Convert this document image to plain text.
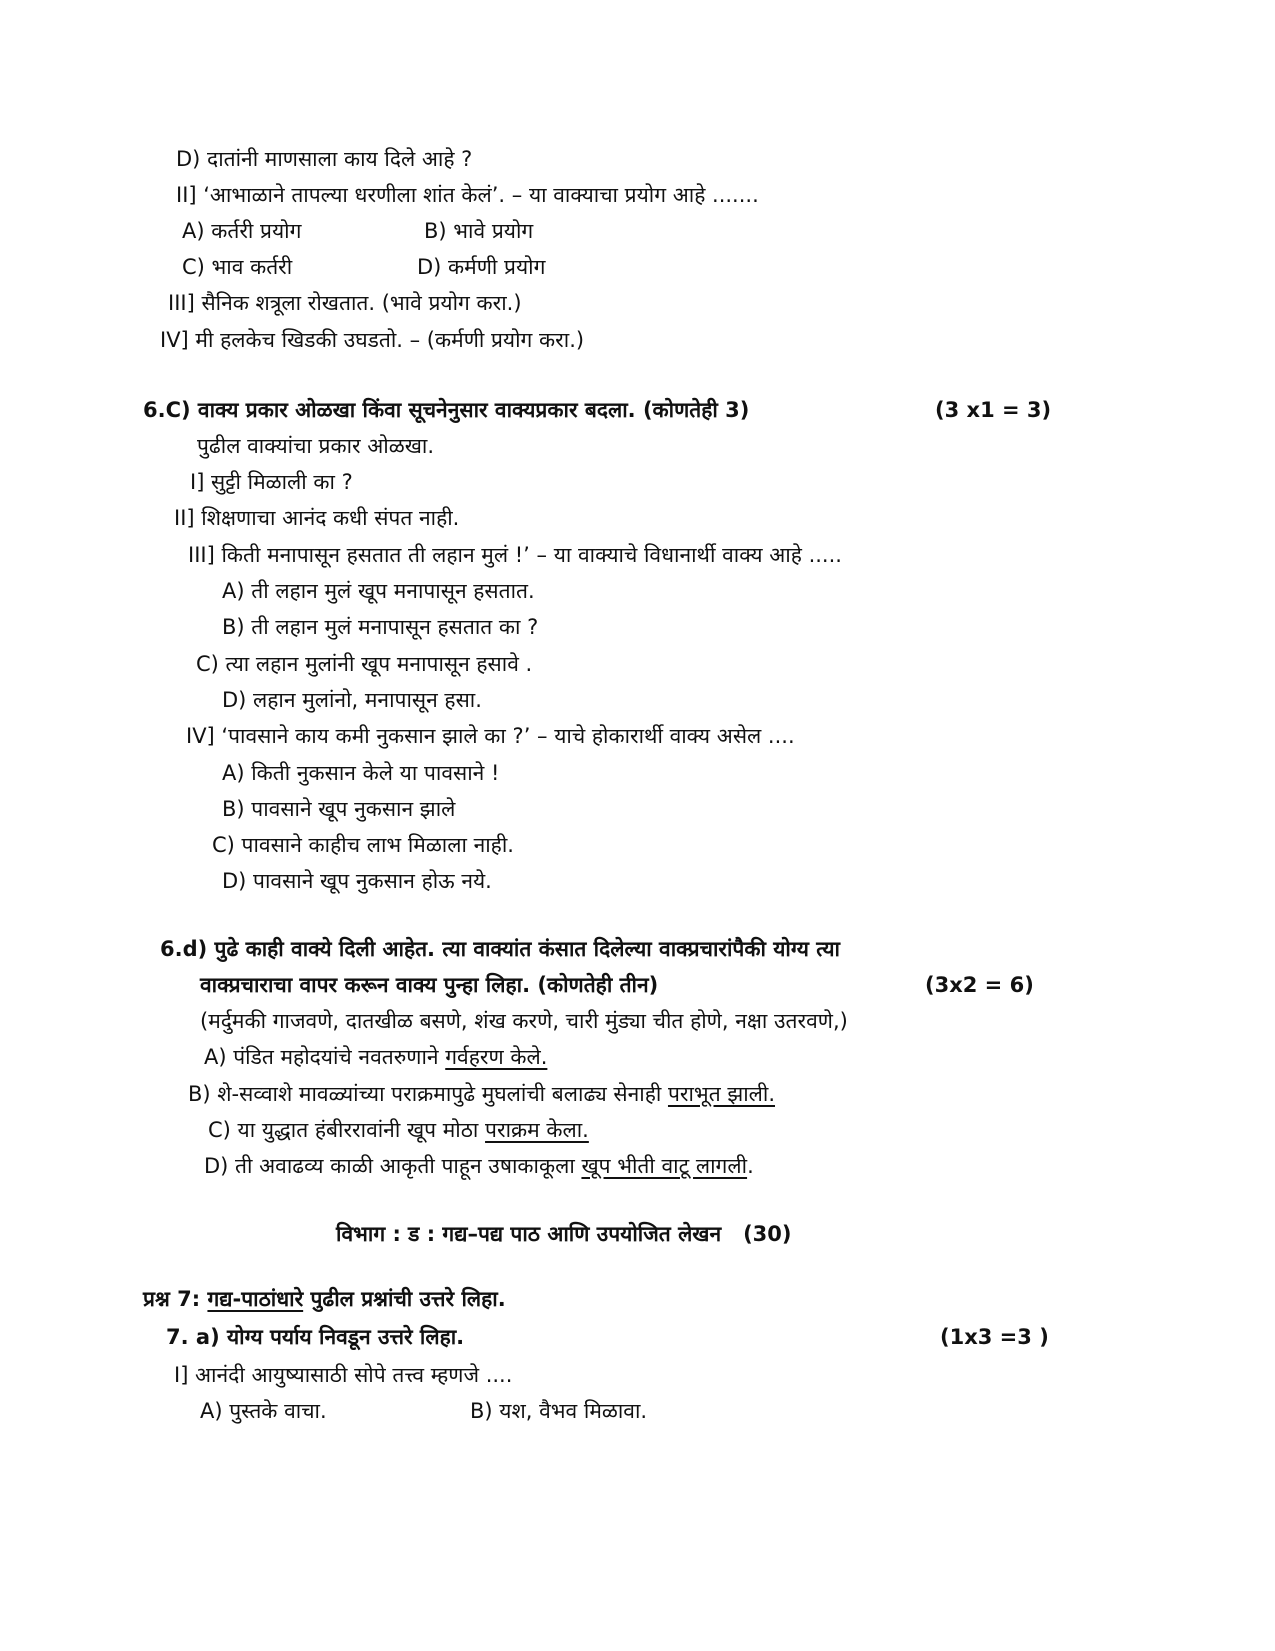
D) दातांनी माणसाला काय दिले आहे ?
II] ‘आभाळाने तापल्या धरणीला शांत केलं’. – या वाक्याचा प्रयोग आहे .......
A) कर्तरी प्रयोग	B) भावे प्रयोग
C) भाव कर्तरी	D) कर्मणी प्रयोग
III] सैनिक शत्रूला रोखतात. (भावे प्रयोग करा.)
IV] मी हलकेच खिडकी उघडतो. – (कर्मणी प्रयोग करा.)
6.C) वाक्य प्रकार ओळखा किंवा सूचनेनुसार वाक्यप्रकार बदला. (कोणतेही 3)	(3 x1 = 3)
पुढील वाक्यांचा प्रकार ओळखा.
I] सुट्टी मिळाली का ?
II] शिक्षणाचा आनंद कधी संपत नाही.
III] किती मनापासून हसतात ती लहान मुलं !’ – या वाक्याचे विधानार्थी वाक्य आहे .....
A) ती लहान मुलं खूप मनापासून हसतात.
B) ती लहान मुलं मनापासून हसतात का ?
C) त्या लहान मुलांनी खूप मनापासून हसावे .
D) लहान मुलांनो, मनापासून हसा.
IV] ‘पावसाने काय कमी नुकसान झाले का ?’ – याचे होकारार्थी वाक्य असेल ....
A) किती नुकसान केले या पावसाने !
B) पावसाने खूप नुकसान झाले
C) पावसाने काहीच लाभ मिळाला नाही.
D) पावसाने खूप नुकसान होऊ नये.
6.d) पुढे काही वाक्ये दिली आहेत. त्या वाक्यांत कंसात दिलेल्या वाक्प्रचारांपैकी योग्य त्या
वाक्प्रचाराचा वापर करून वाक्य पुन्हा लिहा. (कोणतेही तीन)	(3x2 = 6)
(मर्दुमकी गाजवणे, दातखीळ बसणे, शंख करणे, चारी मुंड्या चीत होणे, नक्षा उतरवणे,)
A) पंडित महोदयांचे नवतरुणाने गर्वहरण केले.
B) शे-सव्वाशे मावळ्यांच्या पराक्रमापुढे मुघलांची बलाढ्य सेनाही पराभूत झाली.
C) या युद्धात हंबीररावांनी खूप मोठा पराक्रम केला.
D) ती अवाढव्य काळी आकृती पाहून उषाकाकूला खूप भीती वाटू लागली.
विभाग : ड : गद्य–पद्य पाठ आणि उपयोजित लेखन (30)
प्रश्न 7: गद्य-पाठांधारे पुढील प्रश्नांची उत्तरे लिहा.
7. a) योग्य पर्याय निवडून उत्तरे लिहा.	(1x3 =3 )
I] आनंदी आयुष्यासाठी सोपे तत्त्व म्हणजे ....
A) पुस्तके वाचा.	B) यश, वैभव मिळावा.
